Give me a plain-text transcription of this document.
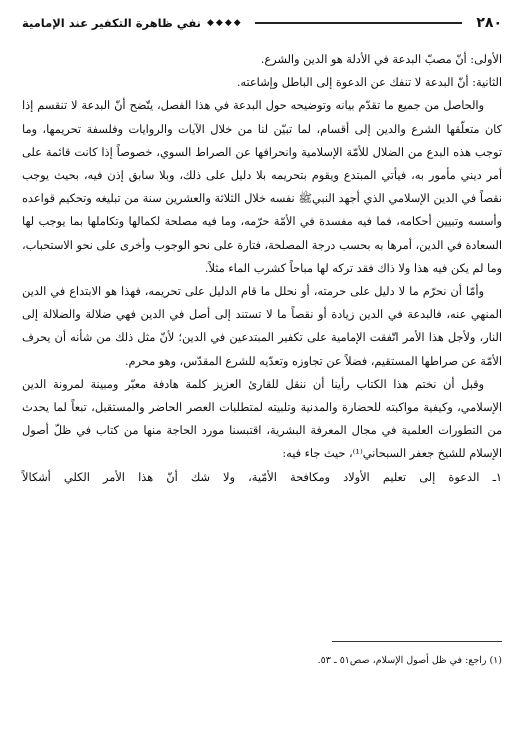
٢٨٠
◆◆◆◆
نفي ظاهرة التكفير عند الإمامية

الأولى: أنّ مصبّ البدعة في الأدلة هو الدين والشرع.

الثانية: أنّ البدعة لا تنفك عن الدعوة إلى الباطل وإشاعته.

والحاصل من جميع ما تقدّم بيانه وتوضيحه حول البدعة في هذا الفصل، يتّضح أنّ البدعة لا تنقسم إذا كان متعلّقها الشرع والدين إلى أقسام، لما تبيّن لنا من خلال الآيات والروايات وفلسفة تحريمها، وما توجب هذه البدع من الضلال للأمّة الإسلامية وانحرافها عن الصراط السوي، خصوصاً إذا كانت قائمة على أمر ديني مأمور به، فيأتي المبتدع ويقوم بتحريمه بلا دليل على ذلك، وبلا سابق إذن فيه، بحيث يوجب نقصاً في الدين الإسلامي الذي أجهد النبيﷺ نفسه خلال الثلاثة والعشرين سنة من تبليغه وتحكيم قواعده وأسسه وتبيين أحكامه، فما فيه مفسدة في الأمّة حرّمه، وما فيه مصلحة لكمالها وتكاملها بما يوجب لها السعادة في الدين، أمرها به بحسب درجة المصلحة، فتارة على نحو الوجوب وأخرى على نحو الاستحباب، وما لم يكن فيه هذا ولا ذاك فقد تركه لها مباحاً كشرب الماء مثلاً.

وأمّا أن نحرّم ما لا دليل على حرمته، أو نحلل ما قام الدليل على تحريمه، فهذا هو الابتداع في الدين المنهي عنه، فالبدعة في الدين زيادة أو نقصاً ما لا تستند إلى أصل في الدين فهي ضلالة والضلالة إلى النار، ولأجل هذا الأمر اتّفقت الإمامية على تكفير المبتدعين في الدين؛ لأنّ مثل ذلك من شأنه أن يحرف الأمّة عن صراطها المستقيم، فضلاً عن تجاوزه وتعدّيه للشرع المقدّس، وهو محرم.

وقبل أن نختم هذا الكتاب رأينا أن ننقل للقارئ العزيز كلمة هادفة معبّر ومبينة لمرونة الدين الإسلامي، وكيفية مواكبته للحضارة والمدنية وتلبيته لمتطلبات العصر الحاضر والمستقبل، تبعاً لما يحدث من التطورات العلمية في مجال المعرفة البشرية، اقتبسنا مورد الحاجة منها من كتاب في ظلّ أصول الإسلام للشيخ جعفر السبحاني⁽¹⁾، حيث جاء فيه:

١ـ الدعوة إلى تعليم الأولاد ومكافحة الأمّية، ولا شك أنّ هذا الأمر الكلي أشكالاً

(١) راجع: في ظل أصول الإسلام، صص٥١ ـ ٥٣.
